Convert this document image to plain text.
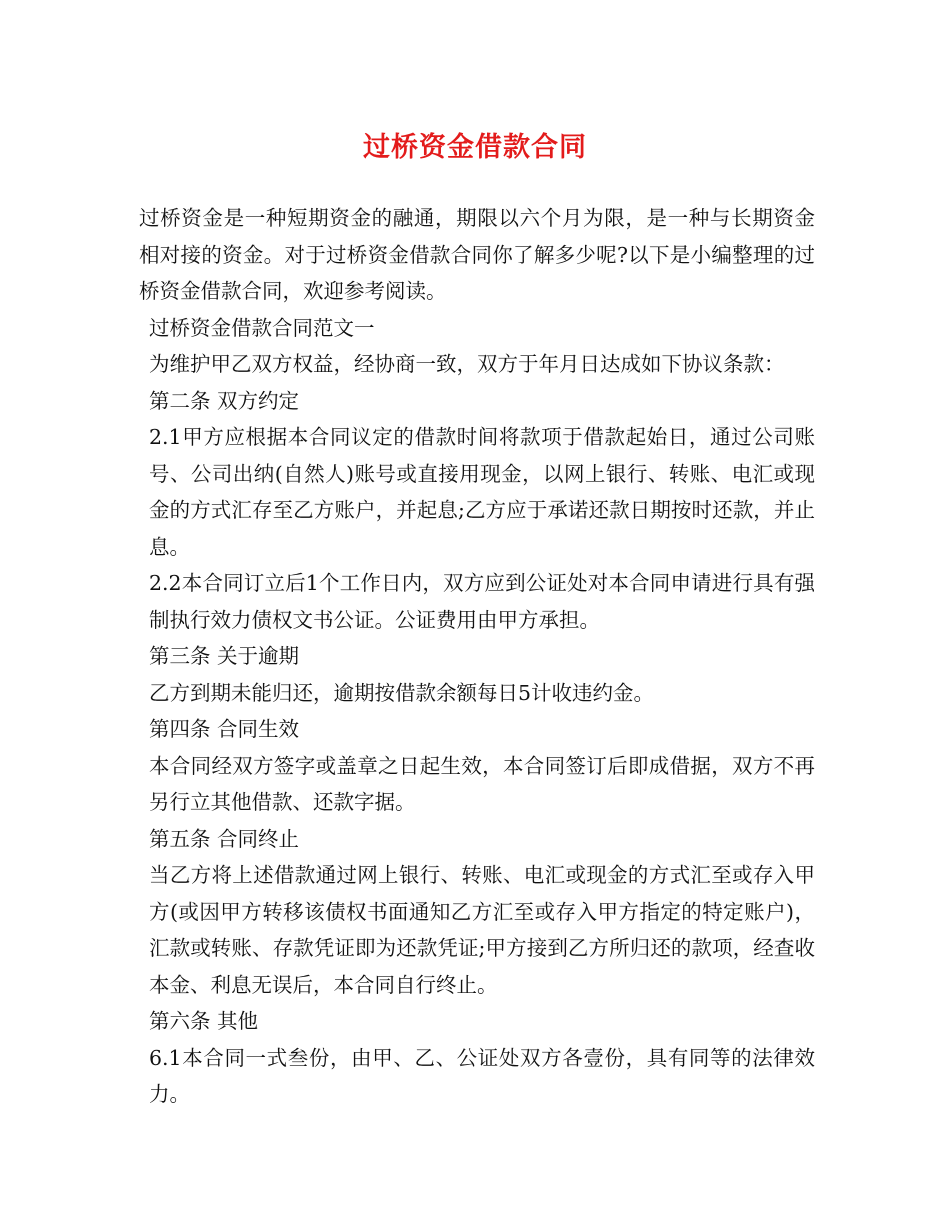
过桥资金借款合同

过桥资金是一种短期资金的融通，期限以六个月为限，是一种与长期资金相对接的资金。对于过桥资金借款合同你了解多少呢?以下是小编整理的过桥资金借款合同，欢迎参考阅读。

过桥资金借款合同范文一

为维护甲乙双方权益，经协商一致，双方于年月日达成如下协议条款：

第二条 双方约定

2.1甲方应根据本合同议定的借款时间将款项于借款起始日，通过公司账号、公司出纳(自然人)账号或直接用现金，以网上银行、转账、电汇或现金的方式汇存至乙方账户，并起息;乙方应于承诺还款日期按时还款，并止息。

2.2本合同订立后1个工作日内，双方应到公证处对本合同申请进行具有强制执行效力债权文书公证。公证费用由甲方承担。

第三条 关于逾期

乙方到期未能归还，逾期按借款余额每日5计收违约金。

第四条 合同生效

本合同经双方签字或盖章之日起生效，本合同签订后即成借据，双方不再另行立其他借款、还款字据。

第五条 合同终止

当乙方将上述借款通过网上银行、转账、电汇或现金的方式汇至或存入甲方(或因甲方转移该债权书面通知乙方汇至或存入甲方指定的特定账户)，汇款或转账、存款凭证即为还款凭证;甲方接到乙方所归还的款项，经查收本金、利息无误后，本合同自行终止。

第六条 其他

6.1本合同一式叁份，由甲、乙、公证处双方各壹份，具有同等的法律效力。
